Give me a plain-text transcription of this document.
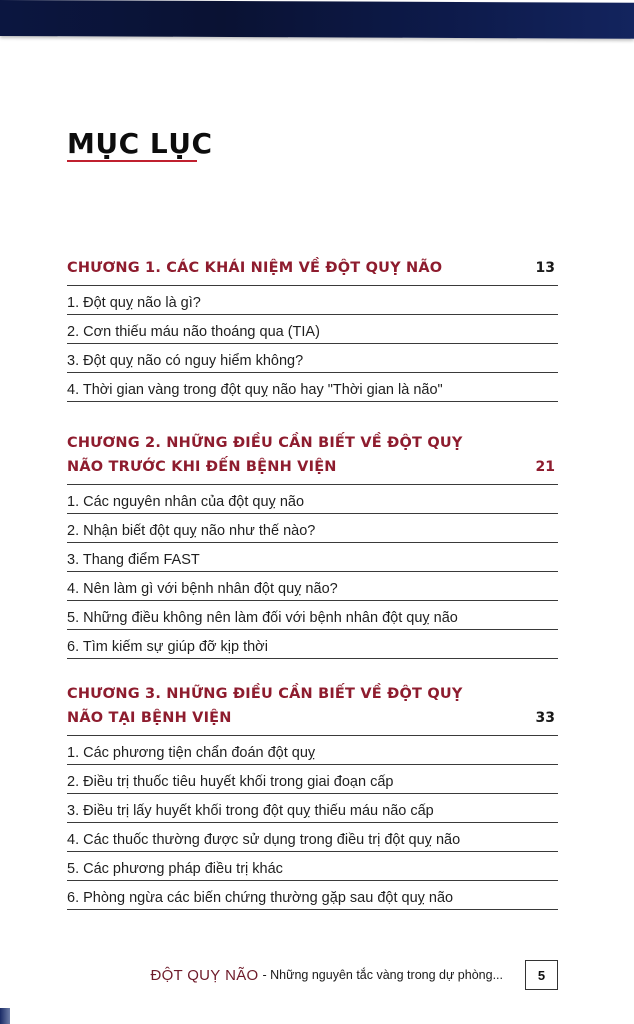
MỤC LỤC
CHƯƠNG 1. CÁC KHÁI NIỆM VỀ ĐỘT QUỴ NÃO	13
1. Đột quỵ não là gì?
2. Cơn thiếu máu não thoáng qua (TIA)
3. Đột quỵ não có nguy hiểm không?
4. Thời gian vàng trong đột quỵ não hay "Thời gian là não"
CHƯƠNG 2. NHỮNG ĐIỀU CẦN BIẾT VỀ ĐỘT QUỴ
NÃO TRƯỚC KHI ĐẾN BỆNH VIỆN	21
1. Các nguyên nhân của đột quỵ não
2. Nhận biết đột quỵ não như thế nào?
3. Thang điểm FAST
4. Nên làm gì với bệnh nhân đột quỵ não?
5. Những điều không nên làm đối với bệnh nhân đột quỵ não
6. Tìm kiếm sự giúp đỡ kịp thời
CHƯƠNG 3. NHỮNG ĐIỀU CẦN BIẾT VỀ ĐỘT QUỴ
NÃO TẠI BỆNH VIỆN	33
1. Các phương tiện chẩn đoán đột quỵ
2. Điều trị thuốc tiêu huyết khối trong giai đoạn cấp
3. Điều trị lấy huyết khối trong đột quỵ thiếu máu não cấp
4. Các thuốc thường được sử dụng trong điều trị đột quỵ não
5. Các phương pháp điều trị khác
6. Phòng ngừa các biến chứng thường gặp sau đột quỵ não
ĐỘT QUỴ NÃO - Những nguyên tắc vàng trong dự phòng...	5
